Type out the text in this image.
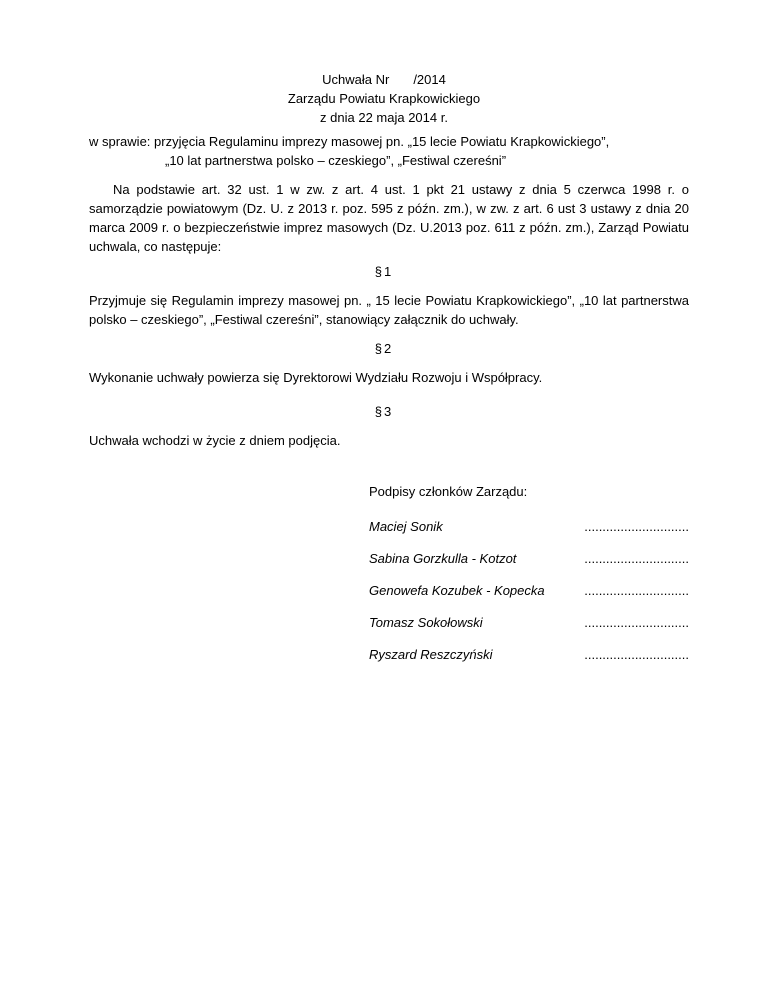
Uchwała Nr /2014
Zarządu Powiatu Krapkowickiego
z dnia 22 maja 2014 r.
w sprawie: przyjęcia Regulaminu imprezy masowej pn. „15 lecie Powiatu Krapkowickiego”,
„10 lat partnerstwa polsko – czeskiego”, „Festiwal czereśni”
Na podstawie art. 32 ust. 1 w zw. z art. 4 ust. 1 pkt 21 ustawy z dnia 5 czerwca 1998 r. o samorządzie powiatowym (Dz. U. z 2013 r. poz. 595 z późn. zm.), w zw. z art. 6 ust 3 ustawy z dnia 20 marca 2009 r. o bezpieczeństwie imprez masowych (Dz. U.2013 poz. 611 z późn. zm.), Zarząd Powiatu uchwala, co następuje:
§1
Przyjmuje się Regulamin imprezy masowej pn. „ 15 lecie Powiatu Krapkowickiego”, „10 lat partnerstwa polsko – czeskiego”, „Festiwal czereśni”, stanowiący załącznik do uchwały.
§2
Wykonanie uchwały powierza się Dyrektorowi Wydziału Rozwoju i Współpracy.
§3
Uchwała wchodzi w życie z dniem podjęcia.
Podpisy członków Zarządu:
Maciej Sonik	.............................
Sabina Gorzkulla - Kotzot	.............................
Genowefa Kozubek - Kopecka	.............................
Tomasz Sokołowski	.............................
Ryszard Reszczyński	.............................
